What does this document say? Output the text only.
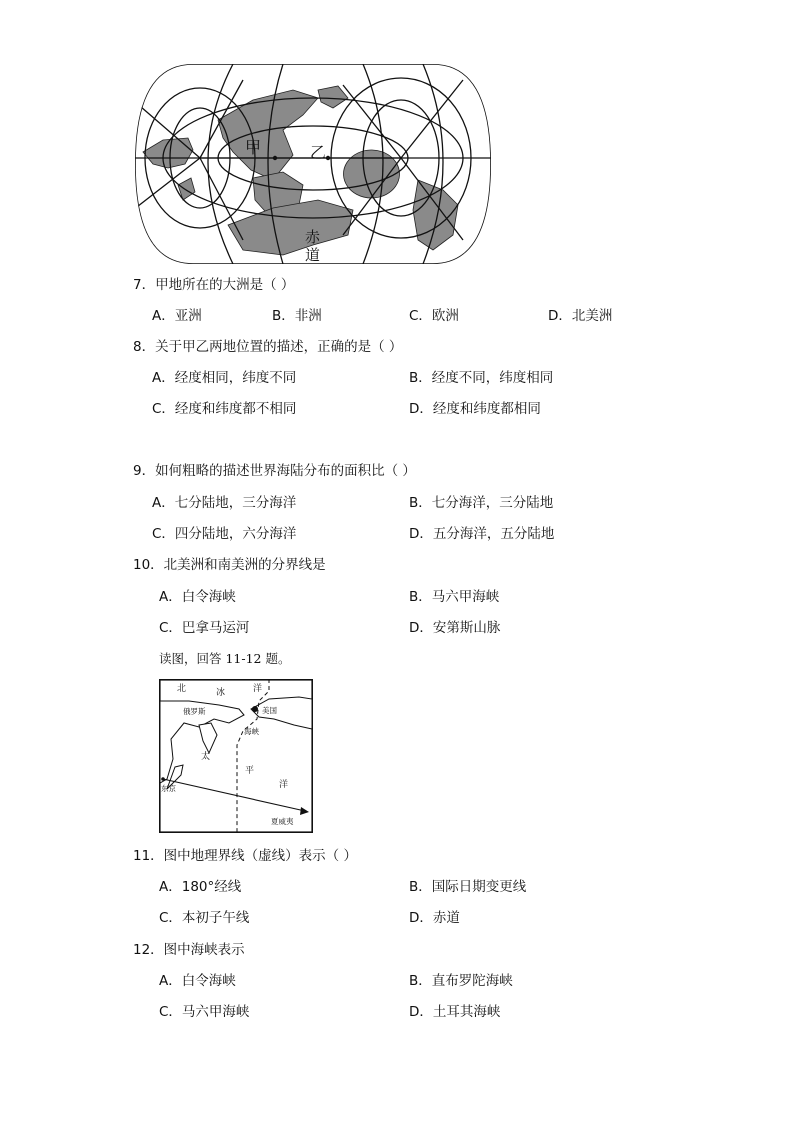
甲	乙
赤
道
7．甲地所在的大洲是（ ）
A．亚洲	B．非洲	C．欧洲	D．北美洲
8．关于甲乙两地位置的描述，正确的是（ ）
A．经度相同，纬度不同	B．经度不同，纬度相同
C．经度和纬度都不相同	D．经度和纬度都相同
9．如何粗略的描述世界海陆分布的面积比（ ）
A．七分陆地，三分海洋	B．七分海洋，三分陆地
C．四分陆地，六分海洋	D．五分海洋，五分陆地
10．北美洲和南美洲的分界线是
A．白令海峡	B．马六甲海峡
C．巴拿马运河	D．安第斯山脉
读图，回答 11-12 题。
北	冰	洋
俄罗斯	美国
海峡
太
平
洋
东京
夏威夷
11．图中地理界线（虚线）表示（ ）
A．180°经线	B．国际日期变更线
C．本初子午线	D．赤道
12．图中海峡表示
A．白令海峡	B．直布罗陀海峡
C．马六甲海峡	D．土耳其海峡
